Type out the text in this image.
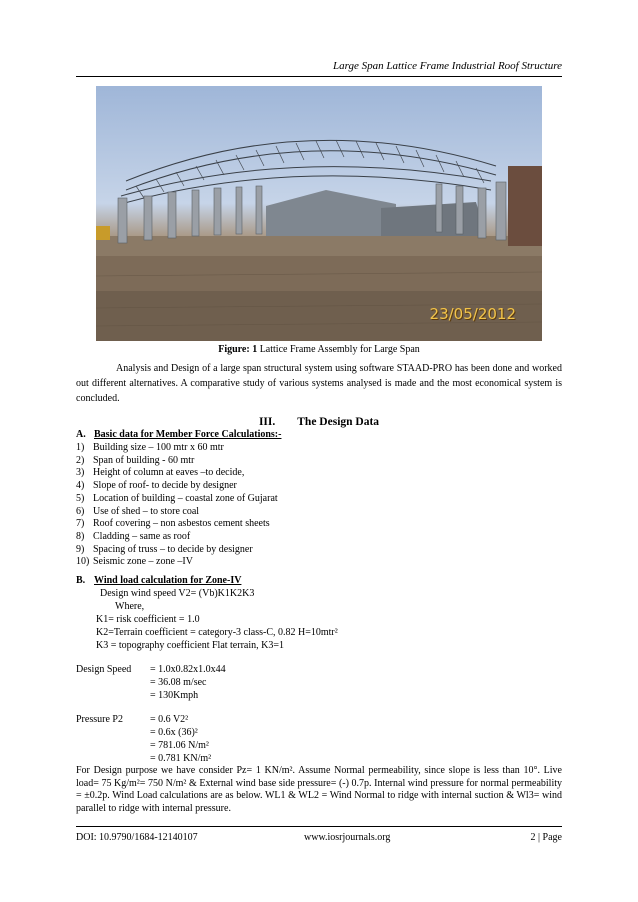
Large Span Lattice Frame Industrial Roof Structure
23/05/2012
Figure: 1 Lattice Frame Assembly for Large Span

Analysis and Design of a large span structural system using software STAAD-PRO has been done and worked out different alternatives. A comparative study of various systems analysed is made and the most economical system is concluded.

III. The Design Data
A. Basic data for Member Force Calculations:-
1) Building size – 100 mtr x 60 mtr
2) Span of building - 60 mtr
3) Height of column at eaves –to decide,
4) Slope of roof- to decide by designer
5) Location of building – coastal zone of Gujarat
6) Use of shed – to store coal
7) Roof covering – non asbestos cement sheets
8) Cladding – same as roof
9) Spacing of truss – to decide by designer
10) Seismic zone – zone –IV
B. Wind load calculation for Zone-IV
Design wind speed V2= (Vb)K1K2K3
Where,
K1= risk coefficient = 1.0
K2=Terrain coefficient = category-3 class-C, 0.82 H=10mtr²
K3 = topography coefficient Flat terrain, K3=1
Design Speed = 1.0x0.82x1.0x44
= 36.08 m/sec
= 130Kmph
Pressure P2	= 0.6 V2²
= 0.6x (36)²
= 781.06 N/m²
= 0.781 KN/m²

For Design purpose we have consider Pz= 1 KN/m². Assume Normal permeability, since slope is less than 10°. Live load= 75 Kg/m²= 750 N/m² & External wind base side pressure= (-) 0.7p. Internal wind pressure for normal permeability = ±0.2p. Wind Load calculations are as below. WL1 & WL2 = Wind Normal to ridge with internal suction & Wl3= wind parallel to ridge with internal pressure.

DOI: 10.9790/1684-12140107	www.iosrjournals.org	2 | Page
